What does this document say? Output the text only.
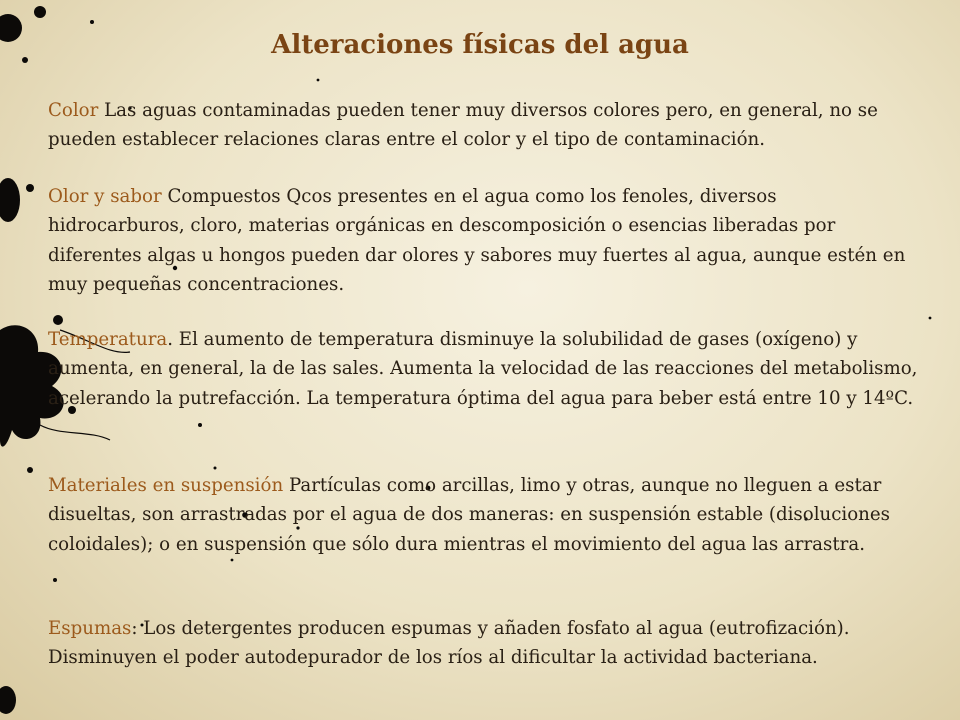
Alteraciones físicas del agua

Color Las aguas contaminadas pueden tener muy diversos colores pero, en general, no se pueden establecer relaciones claras entre el color y el tipo de contaminación.

Olor y sabor Compuestos Qcos presentes en el agua como los fenoles, diversos hidrocarburos, cloro, materias orgánicas en descomposición o esencias liberadas por diferentes algas u hongos pueden dar olores y sabores muy fuertes al agua, aunque estén en muy pequeñas concentraciones.

Temperatura. El aumento de temperatura disminuye la solubilidad de gases (oxígeno) y aumenta, en general, la de las sales. Aumenta la velocidad de las reacciones del metabolismo, acelerando la putrefacción. La temperatura óptima del agua para beber está entre 10 y 14ºC.

Materiales en suspensión Partículas como arcillas, limo y otras, aunque no lleguen a estar disueltas, son arrastradas por el agua de dos maneras: en suspensión estable (disoluciones coloidales); o en suspensión que sólo dura mientras el movimiento del agua las arrastra.

Espumas: Los detergentes producen espumas y añaden fosfato al agua (eutrofización). Disminuyen el poder autodepurador de los ríos al dificultar la actividad bacteriana.
